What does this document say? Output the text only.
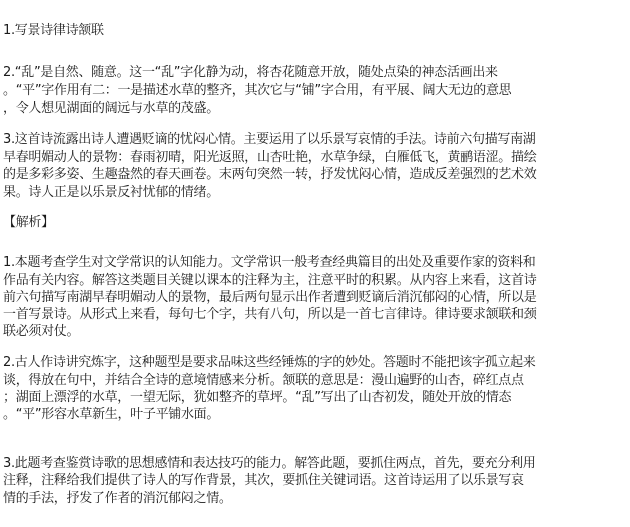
1.写景诗律诗颔联
2.“乱”是自然、随意。这一“乱”字化静为动，将杏花随意开放，随处点染的神态活画出来
。“平”字作用有二：一是描述水草的整齐，其次它与“铺”字合用，有平展、阔大无边的意思
，令人想见湖面的阔远与水草的茂盛。
3.这首诗流露出诗人遭遇贬谪的忧闷心情。主要运用了以乐景写哀情的手法。诗前六句描写南湖
早春明媚动人的景物：春雨初晴，阳光返照，山杏吐艳，水草争绿，白雁低飞，黄鹂语涩。描绘
的是多彩多姿、生趣盎然的春天画卷。末两句突然一转，抒发忧闷心情，造成反差强烈的艺术效
果。诗人正是以乐景反衬忧郁的情绪。
【解析】
1.本题考查学生对文学常识的认知能力。文学常识一般考查经典篇目的出处及重要作家的资料和
作品有关内容。解答这类题目关键以课本的注释为主，注意平时的积累。从内容上来看，这首诗
前六句描写南湖早春明媚动人的景物，最后两句显示出作者遭到贬谪后消沉郁闷的心情，所以是
一首写景诗。从形式上来看，每句七个字，共有八句，所以是一首七言律诗。律诗要求颔联和颈
联必须对仗。
2.古人作诗讲究炼字，这种题型是要求品味这些经锤炼的字的妙处。答题时不能把该字孤立起来
谈，得放在句中，并结合全诗的意境情感来分析。颔联的意思是：漫山遍野的山杏，碎红点点
；湖面上漂浮的水草，一望无际，犹如整齐的草坪。“乱”写出了山杏初发，随处开放的情态
。“平”形容水草新生，叶子平铺水面。
3.此题考查鉴赏诗歌的思想感情和表达技巧的能力。解答此题，要抓住两点，首先，要充分利用
注释，注释给我们提供了诗人的写作背景，其次，要抓住关键词语。这首诗运用了以乐景写哀
情的手法，抒发了作者的消沉郁闷之情。
